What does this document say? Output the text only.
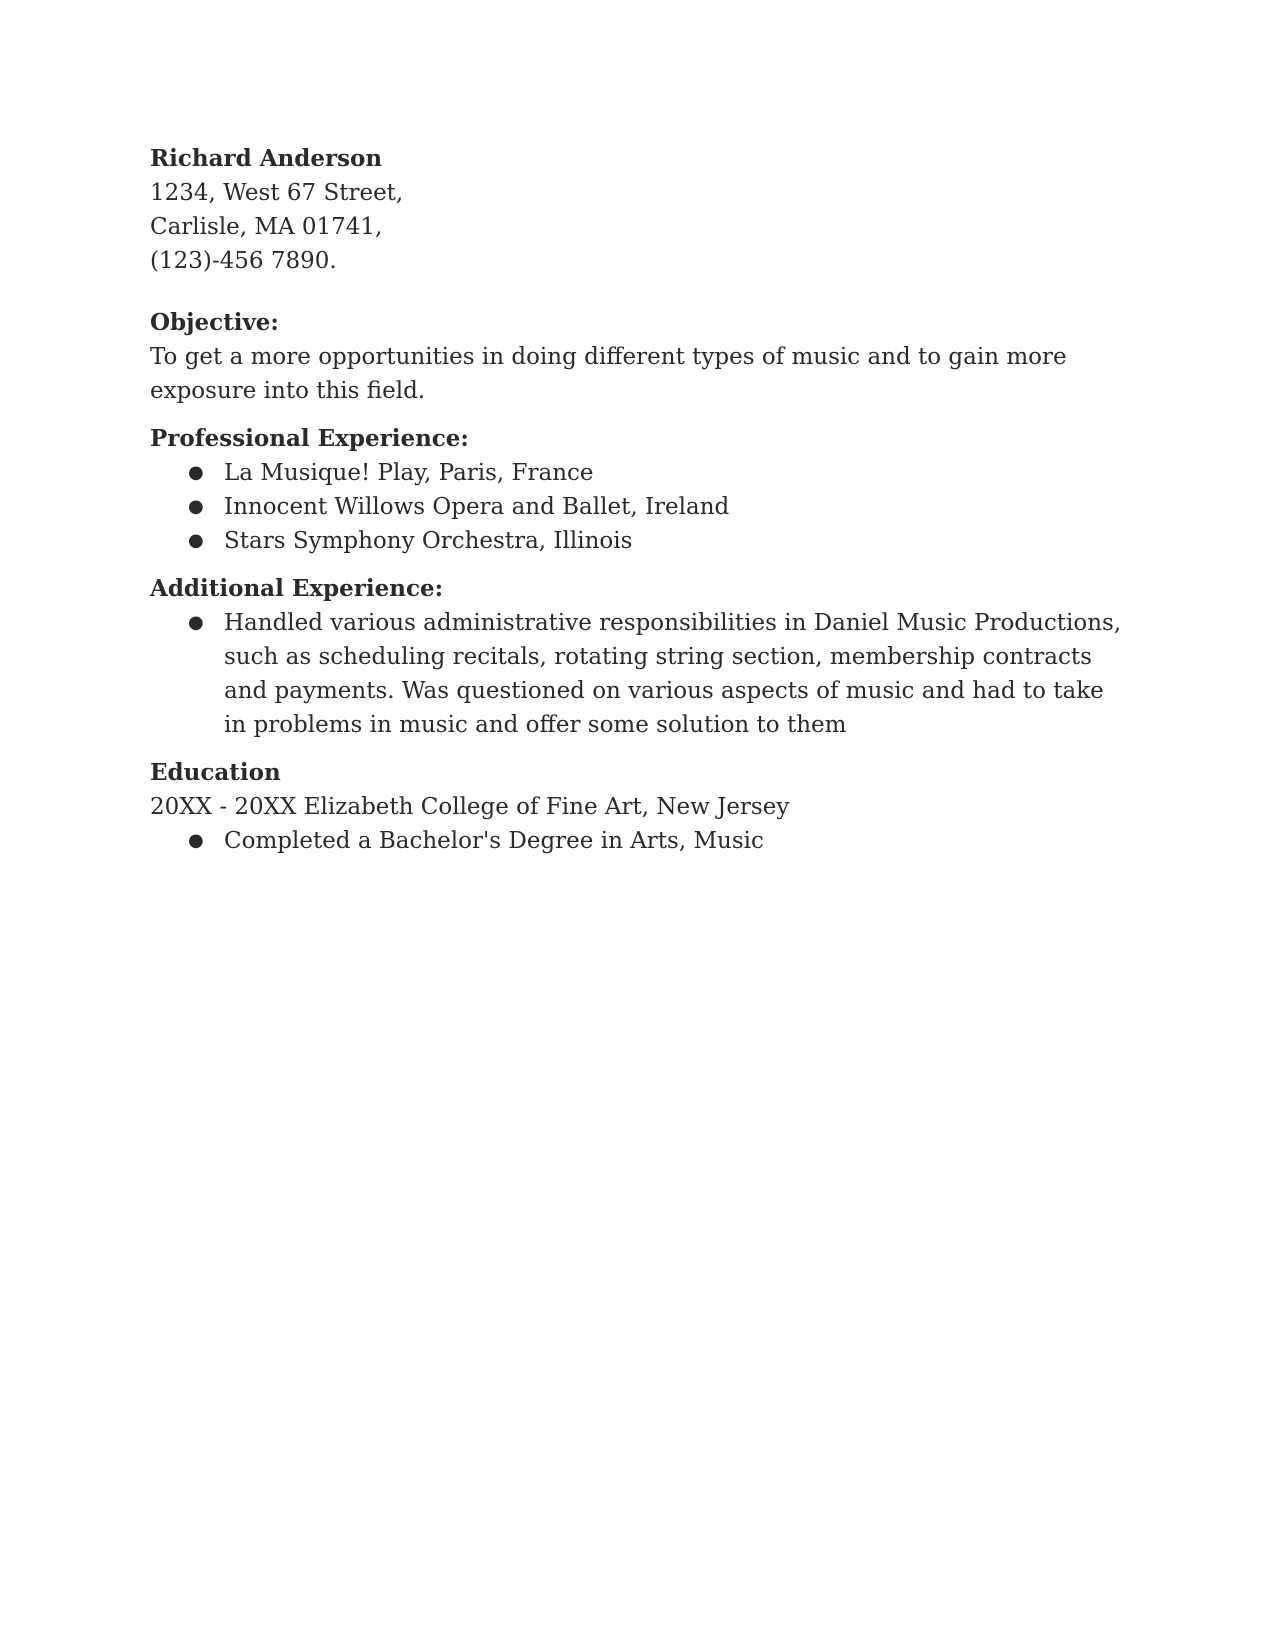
Richard Anderson
1234, West 67 Street,
Carlisle, MA 01741,
(123)-456 7890.
Objective:
To get a more opportunities in doing different types of music and to gain more exposure into this field.
Professional Experience:
● La Musique! Play, Paris, France
● Innocent Willows Opera and Ballet, Ireland
● Stars Symphony Orchestra, Illinois
Additional Experience:
● Handled various administrative responsibilities in Daniel Music Productions, such as scheduling recitals, rotating string section, membership contracts and payments. Was questioned on various aspects of music and had to take in problems in music and offer some solution to them
Education
20XX - 20XX Elizabeth College of Fine Art, New Jersey
● Completed a Bachelor's Degree in Arts, Music
